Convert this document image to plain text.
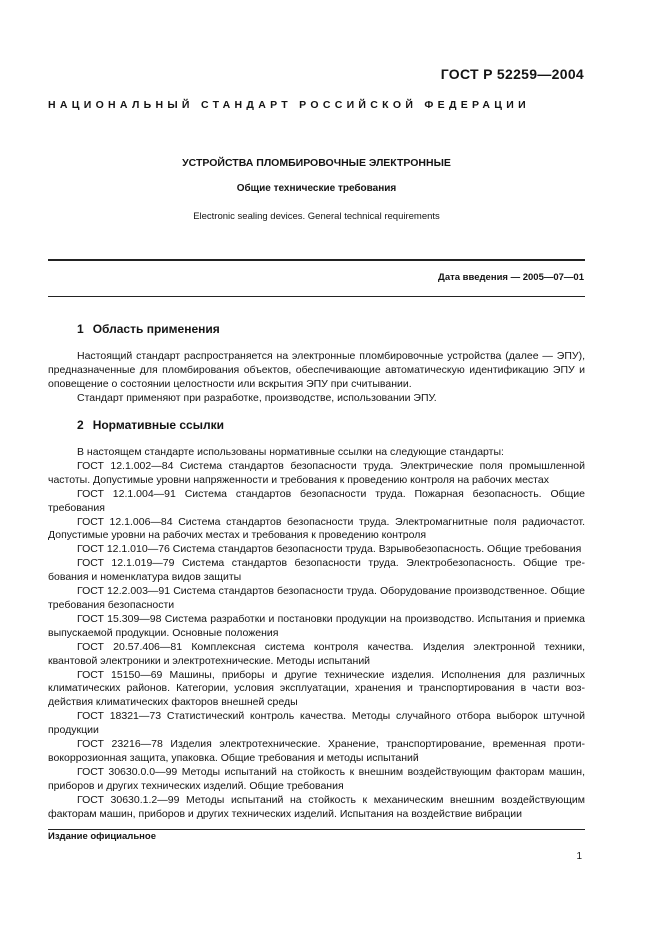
ГОСТ Р 52259—2004
НАЦИОНАЛЬНЫЙ СТАНДАРТ РОССИЙСКОЙ ФЕДЕРАЦИИ
УСТРОЙСТВА ПЛОМБИРОВОЧНЫЕ ЭЛЕКТРОННЫЕ
Общие технические требования
Electronic sealing devices. General technical requirements
Дата введения — 2005—07—01
1 Область применения

Настоящий стандарт распространяется на электронные пломбировочные устройства (далее — ЭПУ), предназначенные для пломбирования объектов, обеспечивающие автоматическую идентификацию ЭПУ и оповещение о состоянии целостности или вскрытия ЭПУ при считывании.

Стандарт применяют при разработке, производстве, использовании ЭПУ.

2 Нормативные ссылки

В настоящем стандарте использованы нормативные ссылки на следующие стандарты:

ГОСТ 12.1.002—84 Система стандартов безопасности труда. Электрические поля промышленной частоты. Допустимые уровни напряженности и требования к проведению контроля на рабочих местах

ГОСТ 12.1.004—91 Система стандартов безопасности труда. Пожарная безопасность. Общие требования

ГОСТ 12.1.006—84 Система стандартов безопасности труда. Электромагнитные поля радиочастот. Допустимые уровни на рабочих местах и требования к проведению контроля

ГОСТ 12.1.010—76 Система стандартов безопасности труда. Взрывобезопасность. Общие требования

ГОСТ 12.1.019—79 Система стандартов безопасности труда. Электробезопасность. Общие требования и номенклатура видов защиты

ГОСТ 12.2.003—91 Система стандартов безопасности труда. Оборудование производственное. Общие требования безопасности

ГОСТ 15.309—98 Система разработки и постановки продукции на производство. Испытания и приемка выпускаемой продукции. Основные положения

ГОСТ 20.57.406—81 Комплексная система контроля качества. Изделия электронной техники, квантовой электроники и электротехнические. Методы испытаний

ГОСТ 15150—69 Машины, приборы и другие технические изделия. Исполнения для различных климатических районов. Категории, условия эксплуатации, хранения и транспортирования в части воздействия климатических факторов внешней среды

ГОСТ 18321—73 Статистический контроль качества. Методы случайного отбора выборок штучной продукции

ГОСТ 23216—78 Изделия электротехнические. Хранение, транспортирование, временная противокоррозионная защита, упаковка. Общие требования и методы испытаний

ГОСТ 30630.0.0—99 Методы испытаний на стойкость к внешним воздействующим факторам машин, приборов и других технических изделий. Общие требования

ГОСТ 30630.1.2—99 Методы испытаний на стойкость к механическим внешним воздействующим факторам машин, приборов и других технических изделий. Испытания на воздействие вибрации

Издание официальное
1
